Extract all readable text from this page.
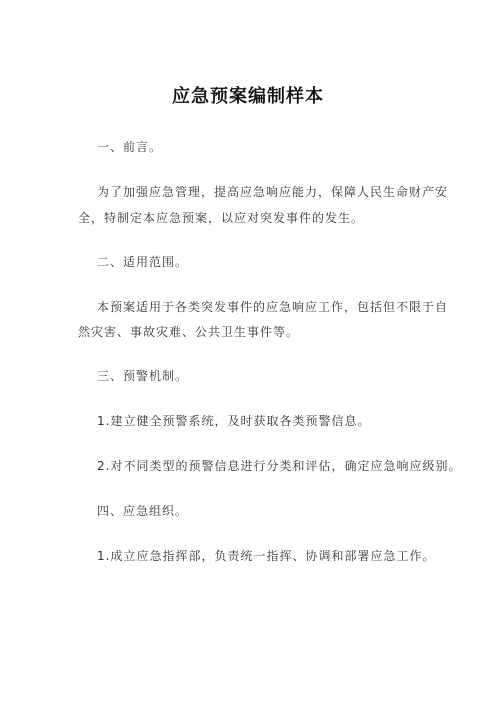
应急预案编制样本
一、前言。
为了加强应急管理，提高应急响应能力，保障人民生命财产安
全，特制定本应急预案，以应对突发事件的发生。
二、适用范围。
本预案适用于各类突发事件的应急响应工作，包括但不限于自
然灾害、事故灾难、公共卫生事件等。
三、预警机制。
1.建立健全预警系统，及时获取各类预警信息。
2.对不同类型的预警信息进行分类和评估，确定应急响应级别。
四、应急组织。
1.成立应急指挥部，负责统一指挥、协调和部署应急工作。
